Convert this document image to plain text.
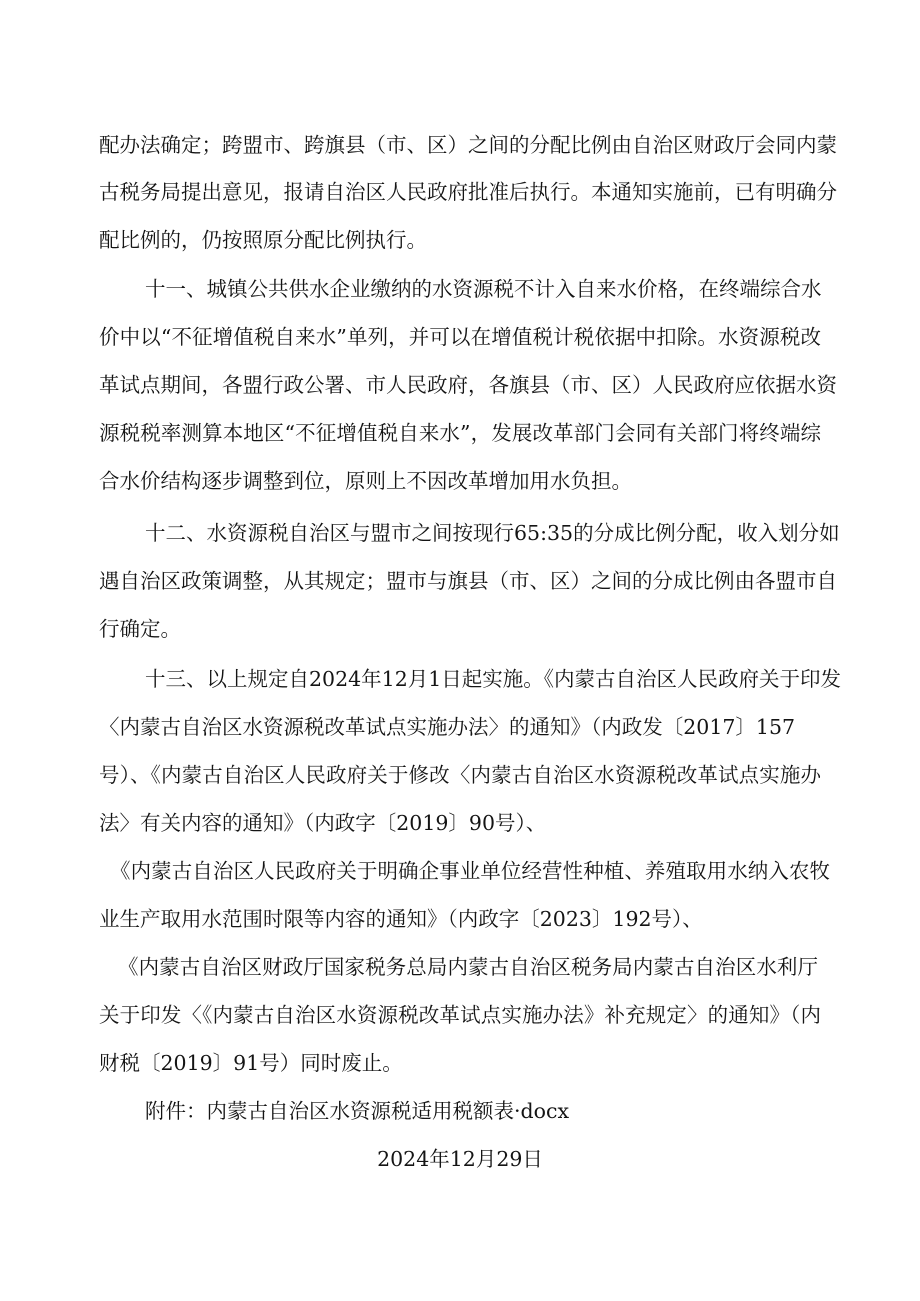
配办法确定；跨盟市、跨旗县（市、区）之间的分配比例由自治区财政厅会同内蒙
古税务局提出意见，报请自治区人民政府批准后执行。本通知实施前，已有明确分
配比例的，仍按照原分配比例执行。
十一、城镇公共供水企业缴纳的水资源税不计入自来水价格，在终端综合水
价中以“不征增值税自来水”单列，并可以在增值税计税依据中扣除。水资源税改
革试点期间，各盟行政公署、市人民政府，各旗县（市、区）人民政府应依据水资
源税税率测算本地区“不征增值税自来水”，发展改革部门会同有关部门将终端综
合水价结构逐步调整到位，原则上不因改革增加用水负担。
十二、水资源税自治区与盟市之间按现行65:35的分成比例分配，收入划分如
遇自治区政策调整，从其规定；盟市与旗县（市、区）之间的分成比例由各盟市自
行确定。
十三、以上规定自2024年12月1日起实施。《内蒙古自治区人民政府关于印发
〈内蒙古自治区水资源税改革试点实施办法〉的通知》（内政发〔2017〕157
号）、《内蒙古自治区人民政府关于修改〈内蒙古自治区水资源税改革试点实施办
法〉有关内容的通知》（内政字〔2019〕90号）、
《内蒙古自治区人民政府关于明确企事业单位经营性种植、养殖取用水纳入农牧
业生产取用水范围时限等内容的通知》（内政字〔2023〕192号）、
《内蒙古自治区财政厅国家税务总局内蒙古自治区税务局内蒙古自治区水利厅
关于印发〈《内蒙古自治区水资源税改革试点实施办法》补充规定〉的通知》（内
财税〔2019〕91号）同时废止。
附件：内蒙古自治区水资源税适用税额表·docx
2024年12月29日
